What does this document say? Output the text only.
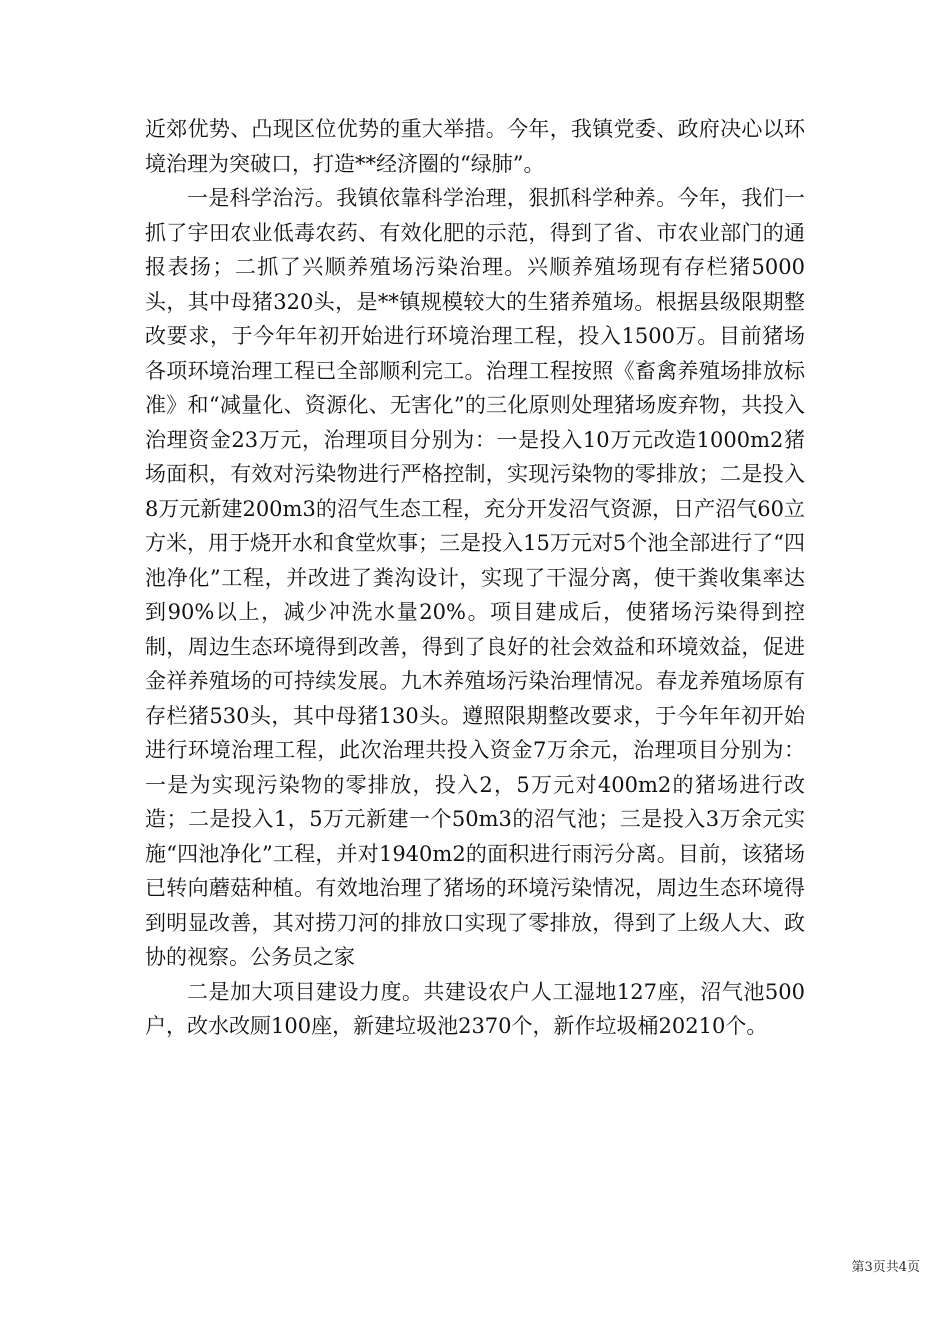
近郊优势、凸现区位优势的重大举措。今年，我镇党委、政府决心以环境治理为突破口，打造**经济圈的“绿肺”。

一是科学治污。我镇依靠科学治理，狠抓科学种养。今年，我们一抓了宇田农业低毒农药、有效化肥的示范，得到了省、市农业部门的通报表扬；二抓了兴顺养殖场污染治理。兴顺养殖场现有存栏猪5000头，其中母猪320头，是**镇规模较大的生猪养殖场。根据县级限期整改要求，于今年年初开始进行环境治理工程，投入1500万。目前猪场各项环境治理工程已全部顺利完工。治理工程按照《畜禽养殖场排放标准》和“减量化、资源化、无害化”的三化原则处理猪场废弃物，共投入治理资金23万元，治理项目分别为：一是投入10万元改造1000m2猪场面积，有效对污染物进行严格控制，实现污染物的零排放；二是投入8万元新建200m3的沼气生态工程，充分开发沼气资源，日产沼气60立方米，用于烧开水和食堂炊事；三是投入15万元对5个池全部进行了“四池净化”工程，并改进了粪沟设计，实现了干湿分离，使干粪收集率达到90%以上，减少冲洗水量20%。项目建成后，使猪场污染得到控制，周边生态环境得到改善，得到了良好的社会效益和环境效益，促进金祥养殖场的可持续发展。九木养殖场污染治理情况。春龙养殖场原有存栏猪530头，其中母猪130头。遵照限期整改要求，于今年年初开始进行环境治理工程，此次治理共投入资金7万余元，治理项目分别为：一是为实现污染物的零排放，投入2，5万元对400m2的猪场进行改造；二是投入1，5万元新建一个50m3的沼气池；三是投入3万余元实施“四池净化”工程，并对1940m2的面积进行雨污分离。目前，该猪场已转向蘑菇种植。有效地治理了猪场的环境污染情况，周边生态环境得到明显改善，其对捞刀河的排放口实现了零排放，得到了上级人大、政协的视察。公务员之家

二是加大项目建设力度。共建设农户人工湿地127座，沼气池500户，改水改厕100座，新建垃圾池2370个，新作垃圾桶20210个。

第3页共4页
